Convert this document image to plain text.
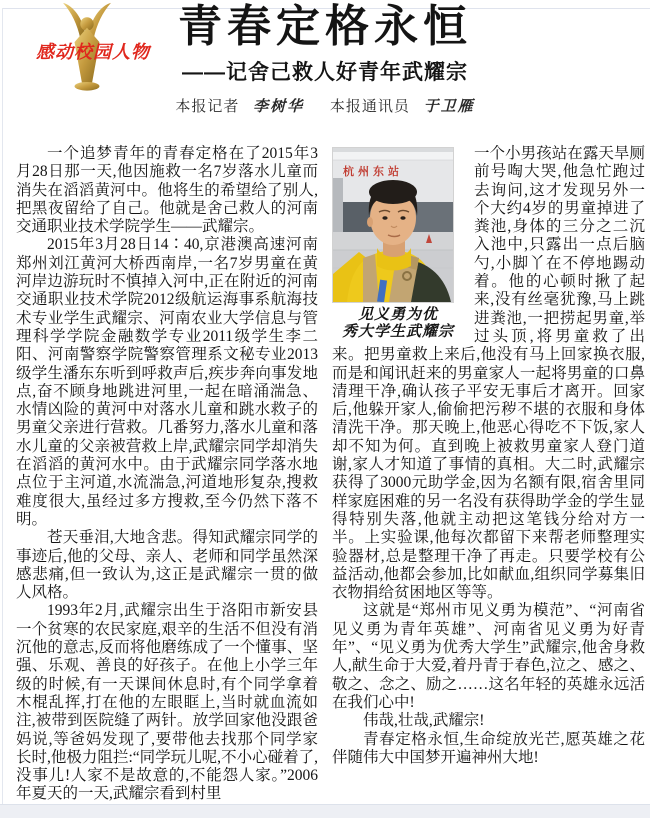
感动校园人物
青春定格永恒
——记舍己救人好青年武耀宗
本报记者 李树华 本报通讯员 于卫雁

一个追梦青年的青春定格在了2015年3月28日那一天,他因施救一名7岁落水儿童而消失在滔滔黄河中。他将生的希望给了别人,把黑夜留给了自己。他就是舍己救人的河南交通职业技术学院学生——武耀宗。

2015年3月28日14∶40,京港澳高速河南郑州刘江黄河大桥西南岸,一名7岁男童在黄河岸边游玩时不慎掉入河中,正在附近的河南交通职业技术学院2012级航运海事系航海技术专业学生武耀宗、河南农业大学信息与管理科学学院金融数学专业2011级学生李二阳、河南警察学院警察管理系文秘专业2013级学生潘东东听到呼救声后,疾步奔向事发地点,奋不顾身地跳进河里,一起在暗涌湍急、水情凶险的黄河中对落水儿童和跳水救子的男童父亲进行营救。几番努力,落水儿童和落水儿童的父亲被营救上岸,武耀宗同学却消失在滔滔的黄河水中。由于武耀宗同学落水地点位于主河道,水流湍急,河道地形复杂,搜救难度很大,虽经过多方搜救,至今仍然下落不明。

苍天垂泪,大地含悲。得知武耀宗同学的事迹后,他的父母、亲人、老师和同学虽然深感悲痛,但一致认为,这正是武耀宗一贯的做人风格。

1993年2月,武耀宗出生于洛阳市新安县一个贫寒的农民家庭,艰辛的生活不但没有消沉他的意志,反而将他磨练成了一个懂事、坚强、乐观、善良的好孩子。在他上小学三年级的时候,有一天课间休息时,有个同学拿着木棍乱挥,打在他的左眼眶上,当时就血流如注,被带到医院缝了两针。放学回家他没跟爸妈说,等爸妈发现了,要带他去找那个同学家长时,他极力阻拦:“同学玩儿呢,不小心碰着了,没事儿!人家不是故意的,不能怨人家。”2006年夏天的一天,武耀宗看到村里

杭州东站
见义勇为优
秀大学生武耀宗

一个小男孩站在露天旱厕前号啕大哭,他急忙跑过去询问,这才发现另外一个大约4岁的男童掉进了粪池,身体的三分之二沉入池中,只露出一点后脑勺,小脚丫在不停地踢动着。他的心顿时揪了起来,没有丝毫犹豫,马上跳进粪池,一把捞起男童,举过头顶,将男童救了出来。把男童救上来后,他没有马上回家换衣服,而是和闻讯赶来的男童家人一起将男童的口鼻清理干净,确认孩子平安无事后才离开。回家后,他躲开家人,偷偷把污秽不堪的衣服和身体清洗干净。那天晚上,他恶心得吃不下饭,家人却不知为何。直到晚上被救男童家人登门道谢,家人才知道了事情的真相。大二时,武耀宗获得了3000元助学金,因为名额有限,宿舍里同样家庭困难的另一名没有获得助学金的学生显得特别失落,他就主动把这笔钱分给对方一半。上实验课,他每次都留下来帮老师整理实验器材,总是整理干净了再走。只要学校有公益活动,他都会参加,比如献血,组织同学募集旧衣物捐给贫困地区等等。

这就是“郑州市见义勇为模范”、“河南省见义勇为青年英雄”、河南省见义勇为好青年”、“见义勇为优秀大学生”武耀宗,他舍身救人,献生命于大爱,着丹青于春色,泣之、感之、敬之、念之、励之……这名年轻的英雄永远活在我们心中!

伟哉,壮哉,武耀宗!

青春定格永恒,生命绽放光芒,愿英雄之花伴随伟大中国梦开遍神州大地!
